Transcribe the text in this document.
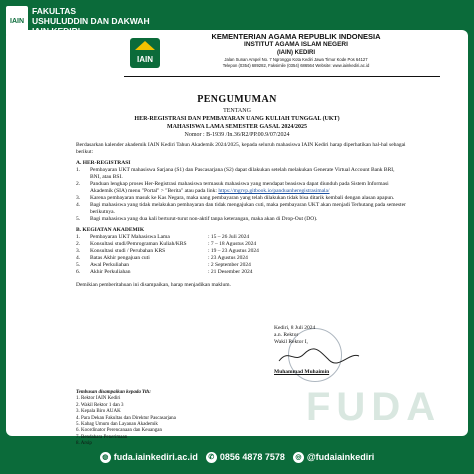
IAIN
FAKULTAS
USHULUDDIN DAN DAKWAH
IAIN
KEMENTERIAN AGAMA REPUBLIK INDONESIA
INSTITUT AGAMA ISLAM NEGERI
(IAIN) KEDIRI
Jalan Sunan Ampel No. 7 Ngronggo Kota Kediri Jawa Timur Kode Pos 64127
Telepon (0354) 689282, Faksimile (0354) 686564 Website: www.iainkediri.ac.id
PENGUMUMAN
TENTANG
HER-REGISTRASI DAN PEMBAYARAN UANG KULIAH TUNGGAL (UKT)
MAHASISWA LAMA SEMESTER GASAL 2024/2025
Nomor : B-1939 /In.36/R2/PP.00.9/07/2024
Berdasarkan kalender akademik IAIN Kediri Tahun Akademik 2024/2025, kepada seluruh mahasiswa IAIN Kediri harap diperhatikan hal-hal sebagai berikut:
A. HER-REGISTRASI
1.	Pembayaran UKT mahasiswa Sarjana (S1) dan Pascasarjana (S2) dapat dilakukan setelah melakukan Generate Virtual Account Bank BRI, BNI, atau BSI.
2.	Panduan lengkap proses Her-Registrasi mahasiswa termasuk mahasiswa yang mendapat beasiswa dapat diunduh pada Sistem Informasi Akademik (SIA) menu "Portal" > "Berita" atau pada link: https://mgrvp.gitbook.io/panduanheregistrasimala/
3.	Karena pembayaran masuk ke Kas Negara, maka uang pembayaran yang telah dilakukan tidak bisa ditarik kembali dengan alasan apapun.
4.	Bagi mahasiswa yang tidak melakukan pembayaran dan tidak mengajukan cuti, maka pembayaran UKT akan menjadi Terhutang pada semester berikutnya.
5.	Bagi mahasiswa yang dua kali berturut-turut non-aktif tanpa keterangan, maka akan di Drop-Out (DO).
B. KEGIATAN AKADEMIK
1.	Pembayaran UKT Mahasiswa Lama	: 15 – 26 Juli 2024
2.	Konsultasi studi/Pemrograman Kuliah/KRS	: 7 – 18 Agustus 2024
3.	Konsultasi studi / Perubahan KRS	: 19 – 23 Agustus 2024
4.	Batas Akhir pengajuan cuti	: 23 Agustus 2024
5.	Awal Perkuliahan	: 2 September 2024
6.	Akhir Perkuliahan	: 21 Desember 2024
Demikian pemberitahuan ini disampaikan, harap menjadikan maklum.
Kediri, 8 Juli 2024
a.n. Rektor
Wakil Rektor I,
Muhammad Muhaimin
FUDA
Tembusan disampaikan kepada Yth:
1. Rektor IAIN Kediri
2. Wakil Rektor 1 dan 3
3. Kepala Biro AUAK
4. Para Dekan Fakultas dan Direktur Pascasarjana
5. Kabag Umum dan Layanan Akademik
6. Koordinator Perencanaan dan Keuangan
7. Bendahara Penerimaan
8. Arsip
◍ fuda.iainkediri.ac.id	✆ 0856 4878 7578	◎ @fudaiainkediri
